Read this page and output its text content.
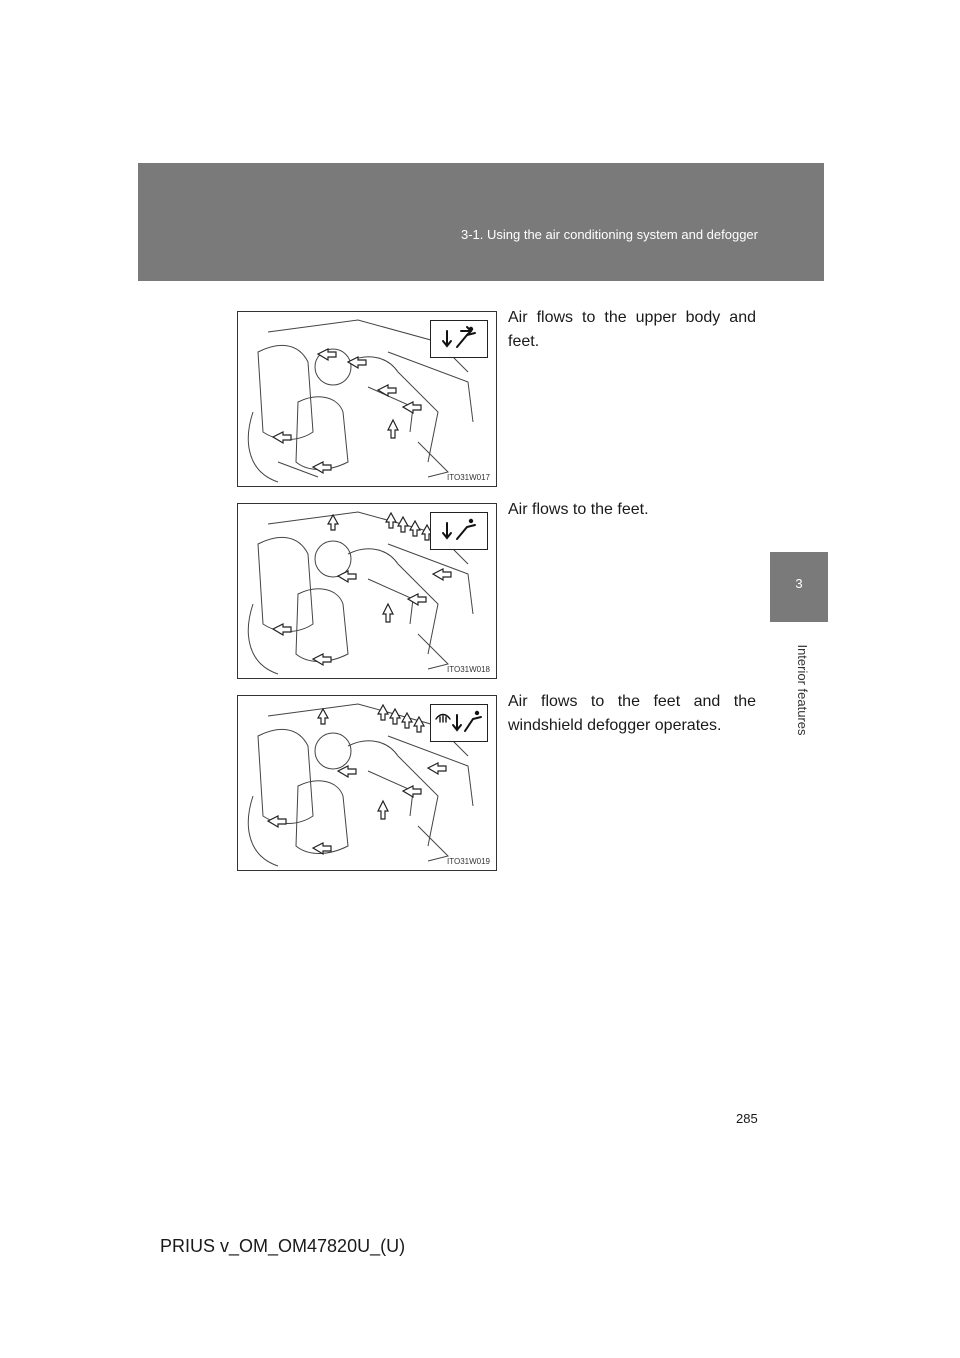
3-1. Using the air conditioning system and defogger
3
Interior features
ITO31W017
Air flows to the upper body and feet.
ITO31W018
Air flows to the feet.
ITO31W019
Air flows to the feet and the windshield defogger operates.
285
PRIUS v_OM_OM47820U_(U)
